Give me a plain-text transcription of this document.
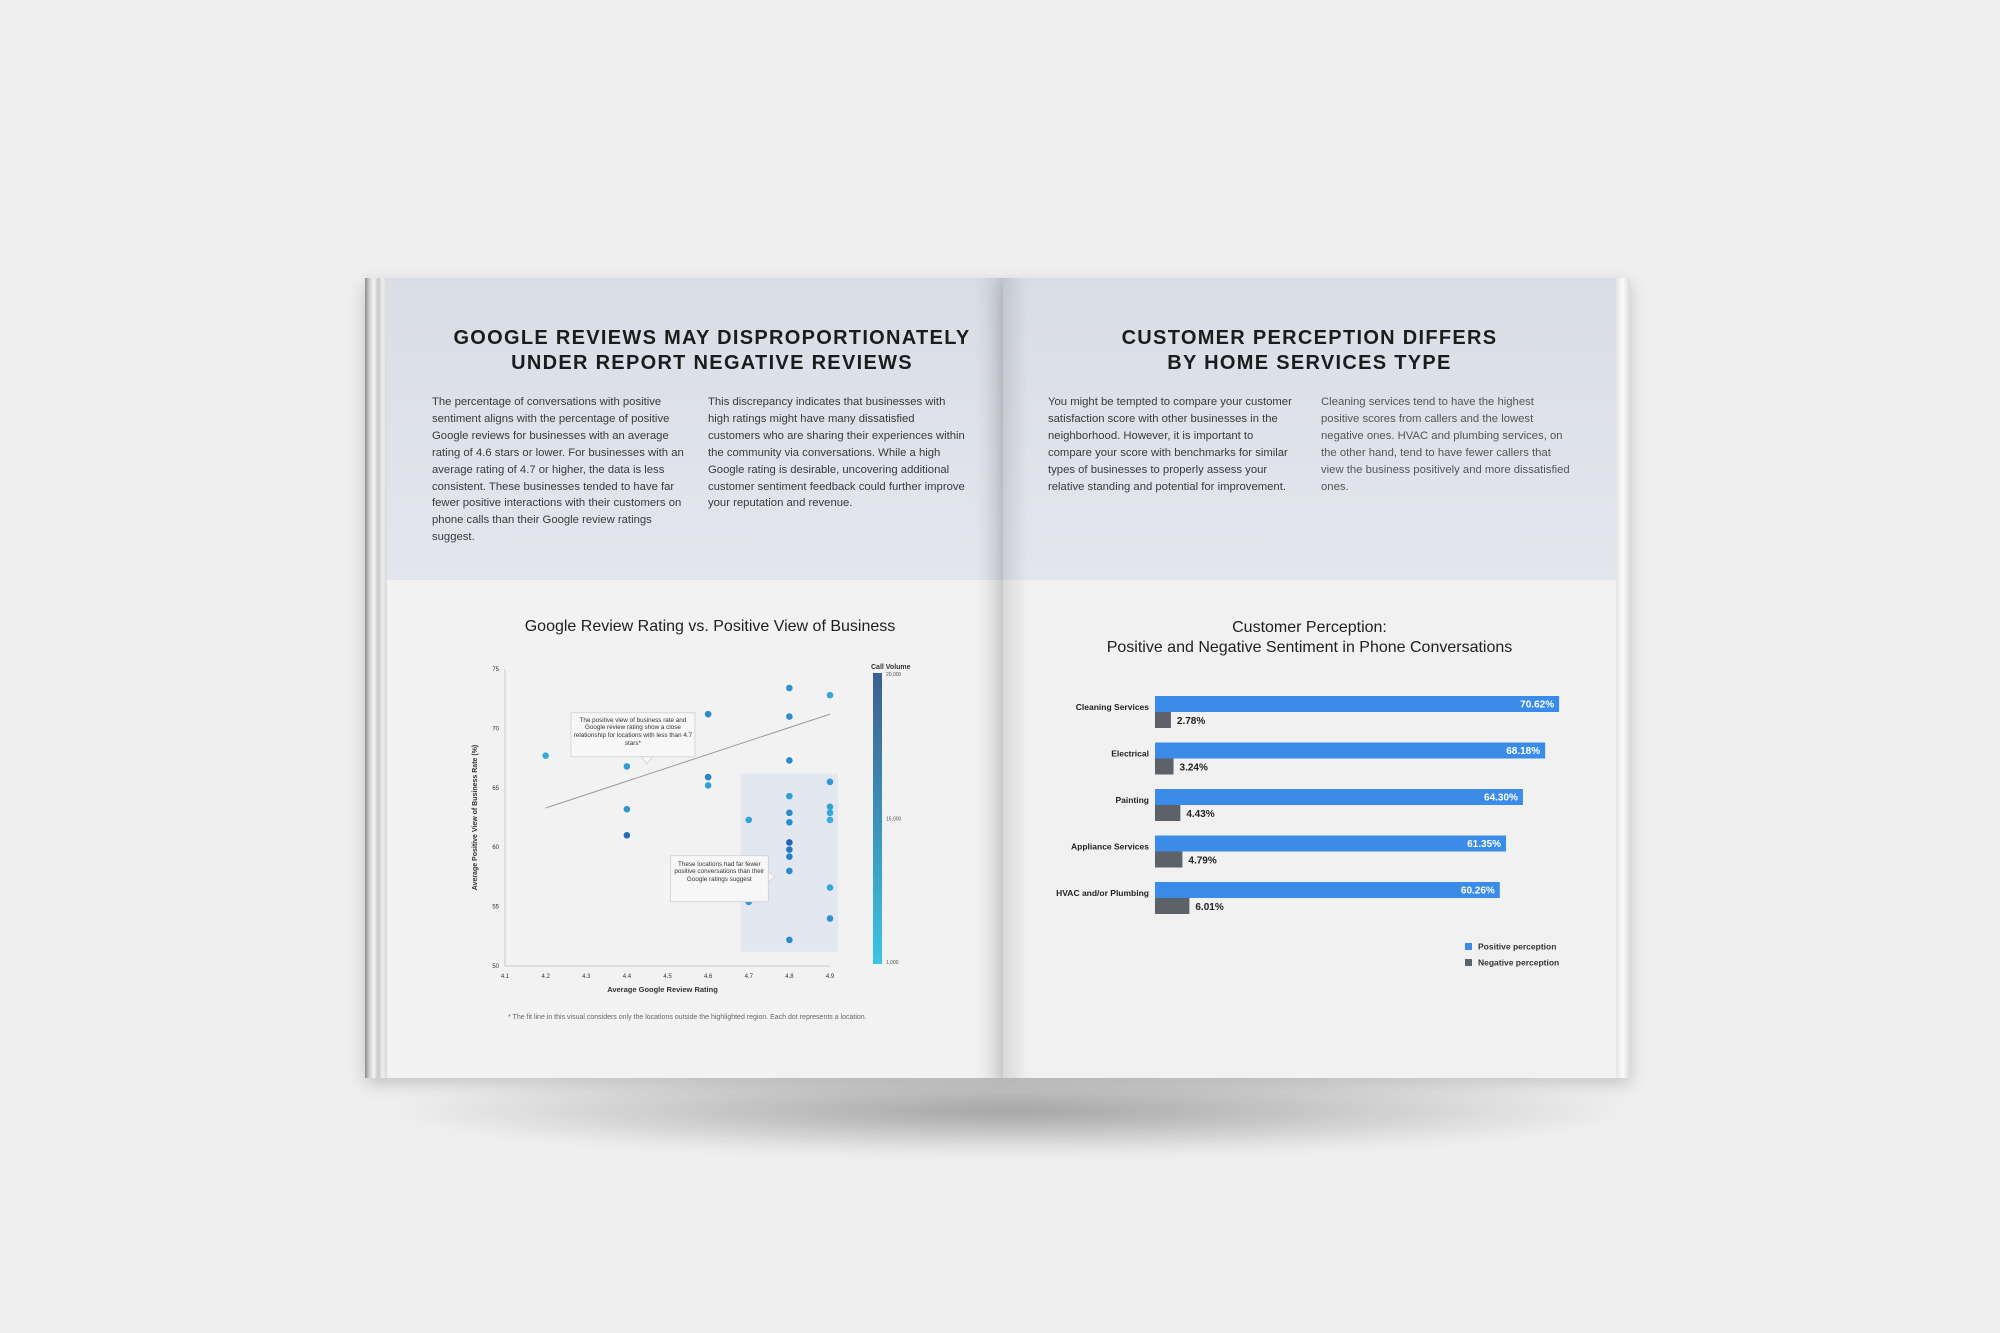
GOOGLE REVIEWS MAY DISPROPORTIONATELY
UNDER REPORT NEGATIVE REVIEWS

The percentage of conversations with positive sentiment aligns with the percentage of positive Google reviews for businesses with an average rating of 4.6 stars or lower. For businesses with an average rating of 4.7 or higher, the data is less consistent. These businesses tended to have far fewer positive interactions with their customers on phone calls than their Google review ratings suggest.

This discrepancy indicates that businesses with high ratings might have many dissatisfied customers who are sharing their experiences within the community via conversations. While a high Google rating is desirable, uncovering additional customer sentiment feedback could further improve your reputation and revenue.

Google Review Rating vs. Positive View of Business

4.1	4.2	4.3	4.4	4.5	4.6	4.7	4.8	4.9
50
55
60
65
70
75
Average Google Review Rating
Average Positive View of Business Rate (%)
The positive view of business rate and Google review rating show a close relationship for locations with less than 4.7 stars*
These locations had far fewer positive conversations than their Google ratings suggest
Call Volume
20,000
15,000
1,000

* The fit line in this visual considers only the locations outside the highlighted region. Each dot represents a location.

CUSTOMER PERCEPTION DIFFERS
BY HOME SERVICES TYPE

You might be tempted to compare your customer satisfaction score with other businesses in the neighborhood. However, it is important to compare your score with benchmarks for similar types of businesses to properly assess your relative standing and potential for improvement.

Cleaning services tend to have the highest positive scores from callers and the lowest negative ones. HVAC and plumbing services, on the other hand, tend to have fewer callers that view the business positively and more dissatisfied ones.

Customer Perception:
Positive and Negative Sentiment in Phone Conversations
Cleaning Services	70.62%
2.78%
Electrical	68.18%
3.24%
Painting	64.30%
4.43%
Appliance Services	61.35%
4.79%
HVAC and/or Plumbing	60.26%
6.01%
Positive perception
Negative perception
